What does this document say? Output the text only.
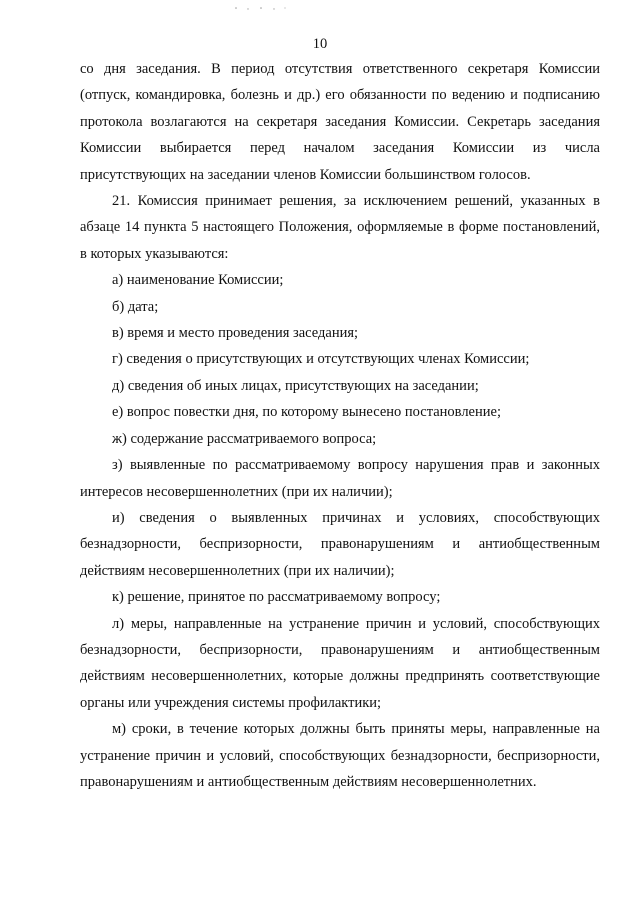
10

со дня заседания. В период отсутствия ответственного секретаря Комиссии (отпуск, командировка, болезнь и др.) его обязанности по ведению и подписанию протокола возлагаются на секретаря заседания Комиссии. Секретарь заседания Комиссии выбирается перед началом заседания Комиссии из числа присутствующих на заседании членов Комиссии большинством голосов.

21. Комиссия принимает решения, за исключением решений, указанных в абзаце 14 пункта 5 настоящего Положения, оформляемые в форме постановлений, в которых указываются:

а) наименование Комиссии;

б) дата;

в) время и место проведения заседания;

г) сведения о присутствующих и отсутствующих членах Комиссии;

д) сведения об иных лицах, присутствующих на заседании;

е) вопрос повестки дня, по которому вынесено постановление;

ж) содержание рассматриваемого вопроса;

з) выявленные по рассматриваемому вопросу нарушения прав и законных интересов несовершеннолетних (при их наличии);

и) сведения о выявленных причинах и условиях, способствующих безнадзорности, беспризорности, правонарушениям и антиобщественным действиям несовершеннолетних (при их наличии);

к) решение, принятое по рассматриваемому вопросу;

л) меры, направленные на устранение причин и условий, способствующих безнадзорности, беспризорности, правонарушениям и антиобщественным действиям несовершеннолетних, которые должны предпринять соответствующие органы или учреждения системы профилактики;

м) сроки, в течение которых должны быть приняты меры, направленные на устранение причин и условий, способствующих безнадзорности, беспризорности, правонарушениям и антиобщественным действиям несовершеннолетних.
